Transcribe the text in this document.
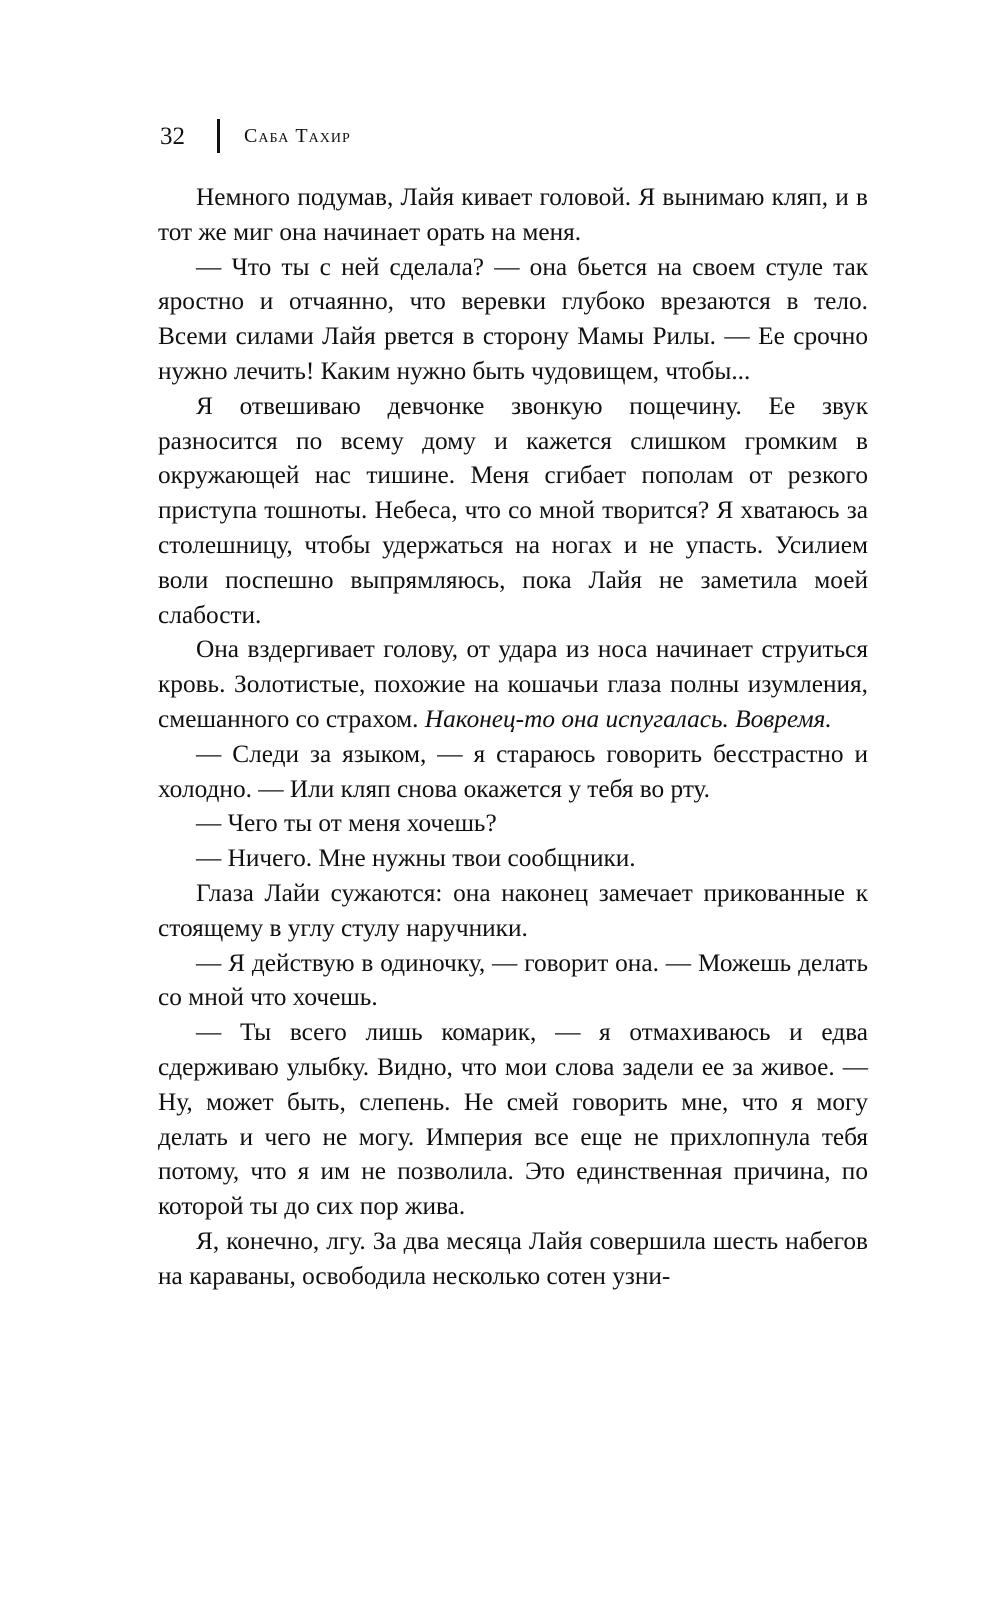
32	Саба Тахир

Немного подумав, Лайя кивает головой. Я вынимаю кляп, и в тот же миг она начинает орать на меня.

— Что ты с ней сделала? — она бьется на своем стуле так яростно и отчаянно, что веревки глубоко врезаются в тело. Всеми силами Лайя рвется в сторону Мамы Рилы. — Ее срочно нужно лечить! Каким нужно быть чудовищем, чтобы...

Я отвешиваю девчонке звонкую пощечину. Ее звук разносится по всему дому и кажется слишком громким в окружающей нас тишине. Меня сгибает пополам от резкого приступа тошноты. Небеса, что со мной творится? Я хватаюсь за столешницу, чтобы удержаться на ногах и не упасть. Усилием воли поспешно выпрямляюсь, пока Лайя не заметила моей слабости.

Она вздергивает голову, от удара из носа начинает струиться кровь. Золотистые, похожие на кошачьи глаза полны изумления, смешанного со страхом. Наконец-то она испугалась. Вовремя.

— Следи за языком, — я стараюсь говорить бесстрастно и холодно. — Или кляп снова окажется у тебя во рту.

— Чего ты от меня хочешь?

— Ничего. Мне нужны твои сообщники.

Глаза Лайи сужаются: она наконец замечает прикованные к стоящему в углу стулу наручники.

— Я действую в одиночку, — говорит она. — Можешь делать со мной что хочешь.

— Ты всего лишь комарик, — я отмахиваюсь и едва сдерживаю улыбку. Видно, что мои слова задели ее за живое. — Ну, может быть, слепень. Не смей говорить мне, что я могу делать и чего не могу. Империя все еще не прихлопнула тебя потому, что я им не позволила. Это единственная причина, по которой ты до сих пор жива.

Я, конечно, лгу. За два месяца Лайя совершила шесть набегов на караваны, освободила несколько сотен узни-
